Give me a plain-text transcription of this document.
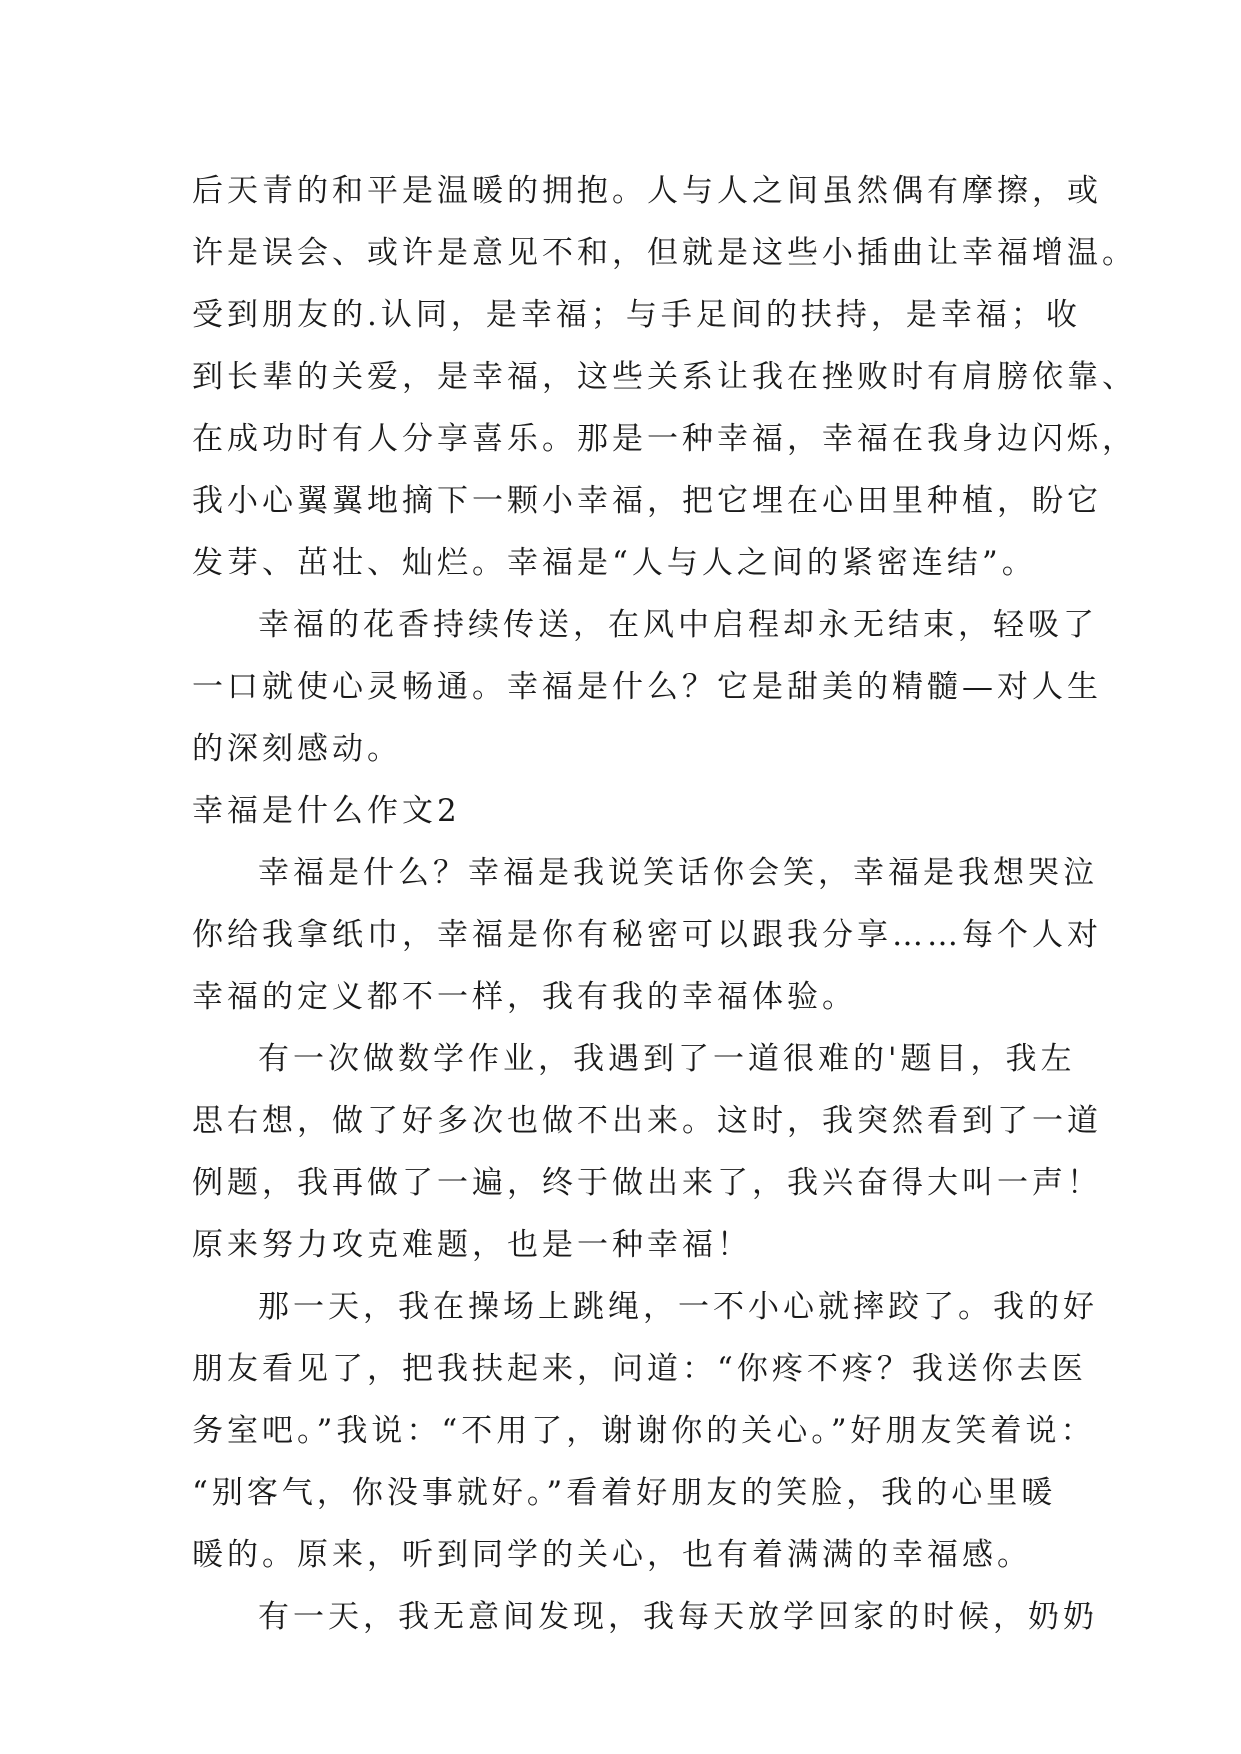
后天青的和平是温暖的拥抱。人与人之间虽然偶有摩擦，或
许是误会、或许是意见不和，但就是这些小插曲让幸福增温。
受到朋友的.认同，是幸福；与手足间的扶持，是幸福；收
到长辈的关爱，是幸福，这些关系让我在挫败时有肩膀依靠、
在成功时有人分享喜乐。那是一种幸福，幸福在我身边闪烁，
我小心翼翼地摘下一颗小幸福，把它埋在心田里种植，盼它
发芽、茁壮、灿烂。幸福是“人与人之间的紧密连结”。
幸福的花香持续传送，在风中启程却永无结束，轻吸了
一口就使心灵畅通。幸福是什么？它是甜美的精髓—对人生
的深刻感动。
幸福是什么作文2
幸福是什么？幸福是我说笑话你会笑，幸福是我想哭泣
你给我拿纸巾，幸福是你有秘密可以跟我分享……每个人对
幸福的定义都不一样，我有我的幸福体验。
有一次做数学作业，我遇到了一道很难的'题目，我左
思右想，做了好多次也做不出来。这时，我突然看到了一道
例题，我再做了一遍，终于做出来了，我兴奋得大叫一声！
原来努力攻克难题，也是一种幸福！
那一天，我在操场上跳绳，一不小心就摔跤了。我的好
朋友看见了，把我扶起来，问道：“你疼不疼？我送你去医
务室吧。”我说：“不用了，谢谢你的关心。”好朋友笑着说：
“别客气，你没事就好。”看着好朋友的笑脸，我的心里暖
暖的。原来，听到同学的关心，也有着满满的幸福感。
有一天，我无意间发现，我每天放学回家的时候，奶奶
